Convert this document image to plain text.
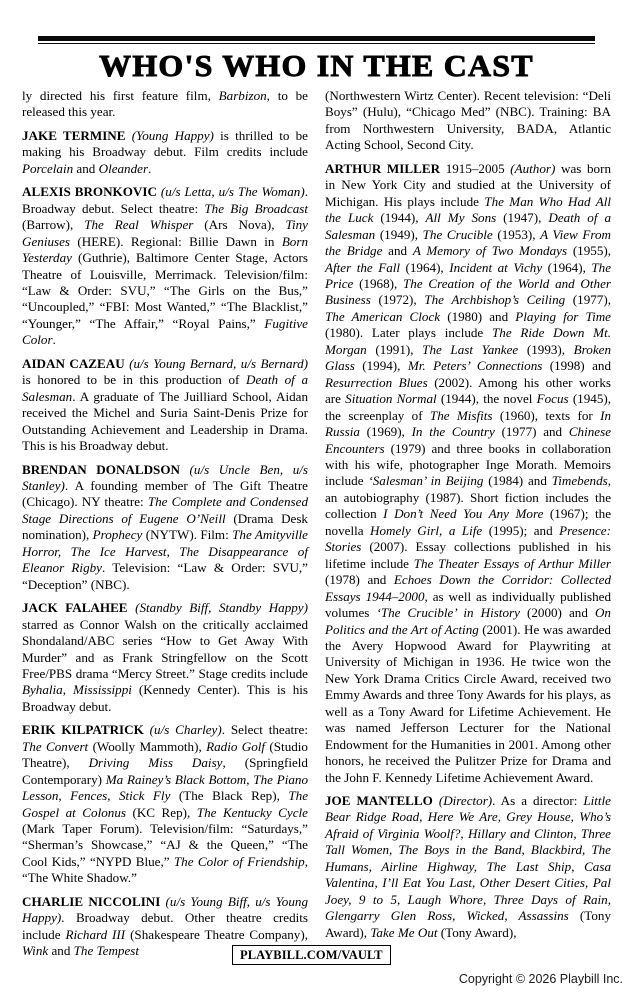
WHO'S WHO IN THE CAST

ly directed his first feature film, Barbizon, to be released this year.

JAKE TERMINE (Young Happy) is thrilled to be making his Broadway debut. Film credits include Porcelain and Oleander.

ALEXIS BRONKOVIC (u/s Letta, u/s The Woman). Broadway debut. Select theatre: The Big Broadcast (Barrow), The Real Whisper (Ars Nova), Tiny Geniuses (HERE). Regional: Billie Dawn in Born Yesterday (Guthrie), Baltimore Center Stage, Actors Theatre of Louisville, Merrimack. Television/film: “Law & Order: SVU,” “The Girls on the Bus,” “Uncoupled,” “FBI: Most Wanted,” “The Blacklist,” “Younger,” “The Affair,” “Royal Pains,” Fugitive Color.

AIDAN CAZEAU (u/s Young Bernard, u/s Bernard) is honored to be in this production of Death of a Salesman. A graduate of The Juilliard School, Aidan received the Michel and Suria Saint-Denis Prize for Outstanding Achievement and Leadership in Drama. This is his Broadway debut.

BRENDAN DONALDSON (u/s Uncle Ben, u/s Stanley). A founding member of The Gift Theatre (Chicago). NY theatre: The Complete and Condensed Stage Directions of Eugene O’Neill (Drama Desk nomination), Prophecy (NYTW). Film: The Amityville Horror, The Ice Harvest, The Disappearance of Eleanor Rigby. Television: “Law & Order: SVU,” “Deception” (NBC).

JACK FALAHEE (Standby Biff, Standby Happy) starred as Connor Walsh on the critically acclaimed Shondaland/ABC series “How to Get Away With Murder” and as Frank Stringfellow on the Scott Free/PBS drama “Mercy Street.” Stage credits include Byhalia, Mississippi (Kennedy Center). This is his Broadway debut.

ERIK KILPATRICK (u/s Charley). Select theatre: The Convert (Woolly Mammoth), Radio Golf (Studio Theatre), Driving Miss Daisy, (Springfield Contemporary) Ma Rainey’s Black Bottom, The Piano Lesson, Fences, Stick Fly (The Black Rep), The Gospel at Colonus (KC Rep), The Kentucky Cycle (Mark Taper Forum). Television/film: “Saturdays,” “Sherman’s Showcase,” “AJ & the Queen,” “The Cool Kids,” “NYPD Blue,” The Color of Friendship, “The White Shadow.”

CHARLIE NICCOLINI (u/s Young Biff, u/s Young Happy). Broadway debut. Other theatre credits include Richard III (Shakespeare Theatre Company), Wink and The Tempest

(Northwestern Wirtz Center). Recent television: “Deli Boys” (Hulu), “Chicago Med” (NBC). Training: BA from Northwestern University, BADA, Atlantic Acting School, Second City.

ARTHUR MILLER 1915–2005 (Author) was born in New York City and studied at the University of Michigan. His plays include The Man Who Had All the Luck (1944), All My Sons (1947), Death of a Salesman (1949), The Crucible (1953), A View From the Bridge and A Memory of Two Mondays (1955), After the Fall (1964), Incident at Vichy (1964), The Price (1968), The Creation of the World and Other Business (1972), The Archbishop’s Ceiling (1977), The American Clock (1980) and Playing for Time (1980). Later plays include The Ride Down Mt. Morgan (1991), The Last Yankee (1993), Broken Glass (1994), Mr. Peters’ Connections (1998) and Resurrection Blues (2002). Among his other works are Situation Normal (1944), the novel Focus (1945), the screenplay of The Misfits (1960), texts for In Russia (1969), In the Country (1977) and Chinese Encounters (1979) and three books in collaboration with his wife, photographer Inge Morath. Memoirs include ‘Salesman’ in Beijing (1984) and Timebends, an autobiography (1987). Short fiction includes the collection I Don’t Need You Any More (1967); the novella Homely Girl, a Life (1995); and Presence: Stories (2007). Essay collections published in his lifetime include The Theater Essays of Arthur Miller (1978) and Echoes Down the Corridor: Collected Essays 1944–2000, as well as individually published volumes ‘The Crucible’ in History (2000) and On Politics and the Art of Acting (2001). He was awarded the Avery Hopwood Award for Playwriting at University of Michigan in 1936. He twice won the New York Drama Critics Circle Award, received two Emmy Awards and three Tony Awards for his plays, as well as a Tony Award for Lifetime Achievement. He was named Jefferson Lecturer for the National Endowment for the Humanities in 2001. Among other honors, he received the Pulitzer Prize for Drama and the John F. Kennedy Lifetime Achievement Award.

JOE MANTELLO (Director). As a director: Little Bear Ridge Road, Here We Are, Grey House, Who’s Afraid of Virginia Woolf?, Hillary and Clinton, Three Tall Women, The Boys in the Band, Blackbird, The Humans, Airline Highway, The Last Ship, Casa Valentina, I’ll Eat You Last, Other Desert Cities, Pal Joey, 9 to 5, Laugh Whore, Three Days of Rain, Glengarry Glen Ross, Wicked, Assassins (Tony Award), Take Me Out (Tony Award),

PLAYBILL.COM/VAULT
Copyright © 2026 Playbill Inc.
